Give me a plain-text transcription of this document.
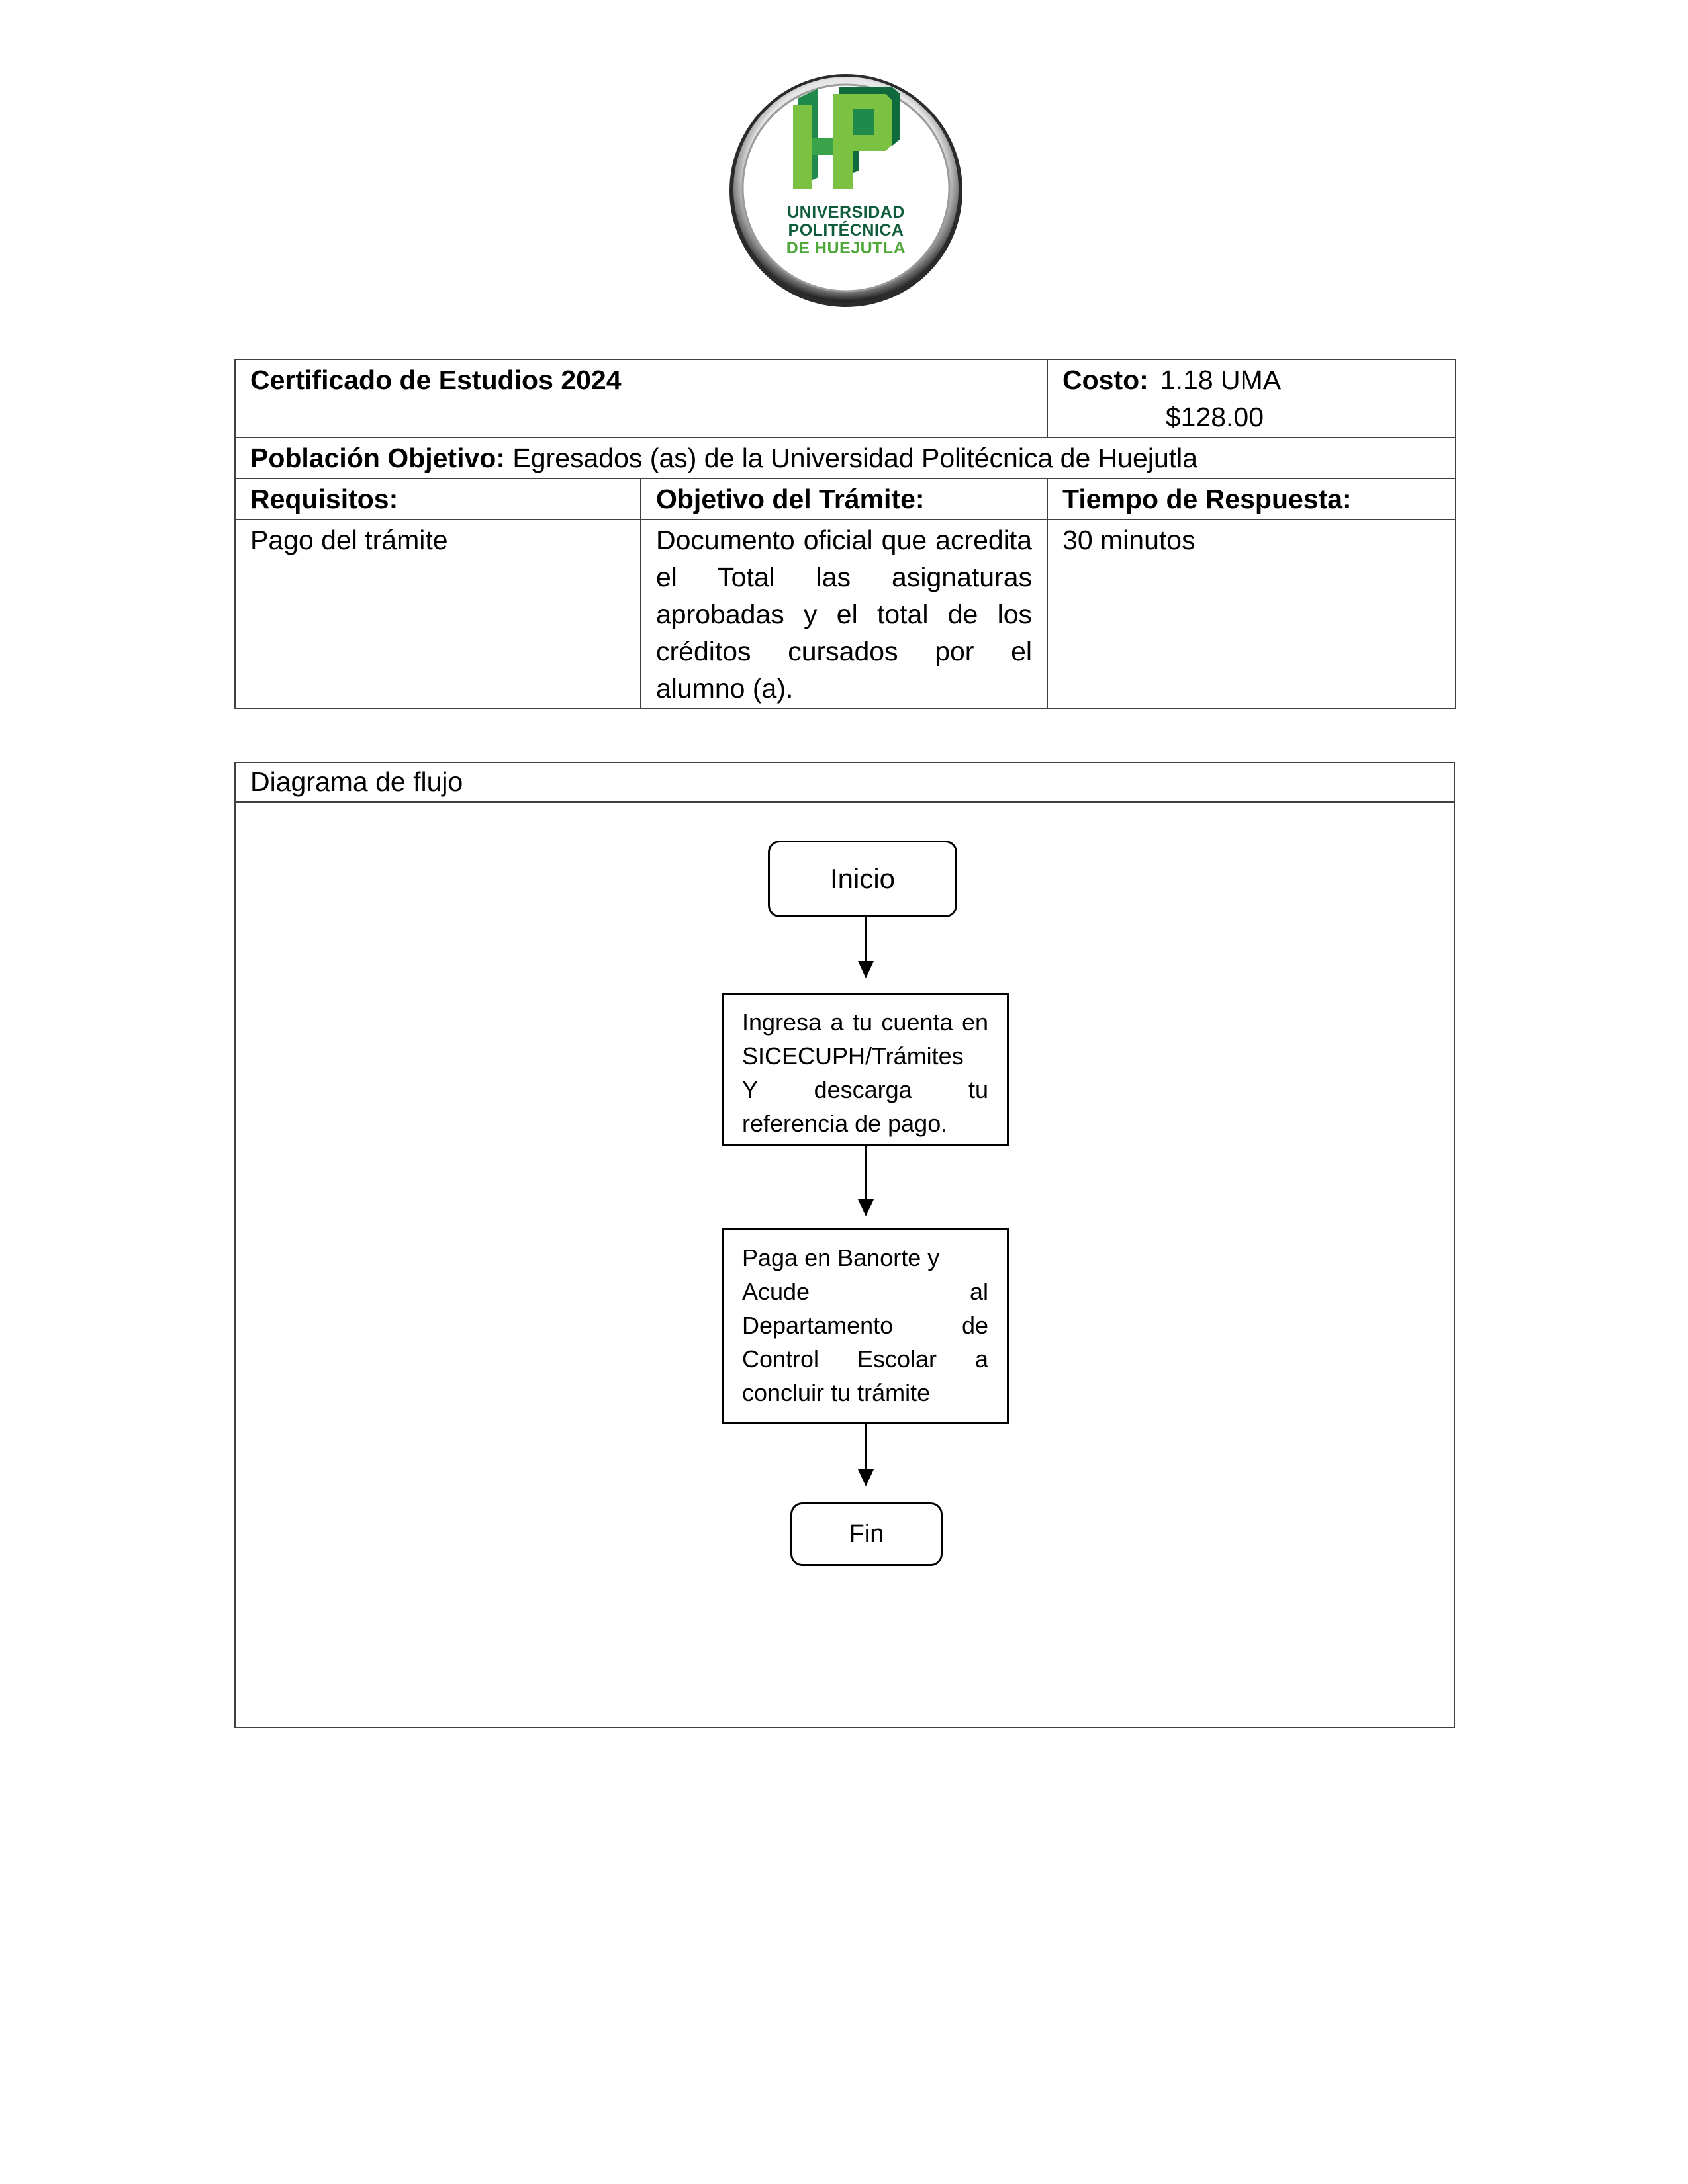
UNIVERSIDAD
POLITÉCNICA
DE HUEJUTLA
Certificado de Estudios 2024		Costo: 1.18 UMA
$128.00

Población Objetivo: Egresados (as) de la Universidad Politécnica de Huejutla		
Requisitos:	Objetivo del Trámite:	Tiempo de Respuesta:
Pago del trámite	Documento oficial que acredita el Total las asignaturas aprobadas y el total de los créditos cursados por el alumno (a).	30 minutos
Diagrama de flujo
Inicio
Ingresa a tu cuenta en
SICECUPH/Trámites
Y descarga tu
referencia de pago.
Paga en Banorte y
Acude al
Departamento de
Control Escolar a
concluir tu trámite
Fin
